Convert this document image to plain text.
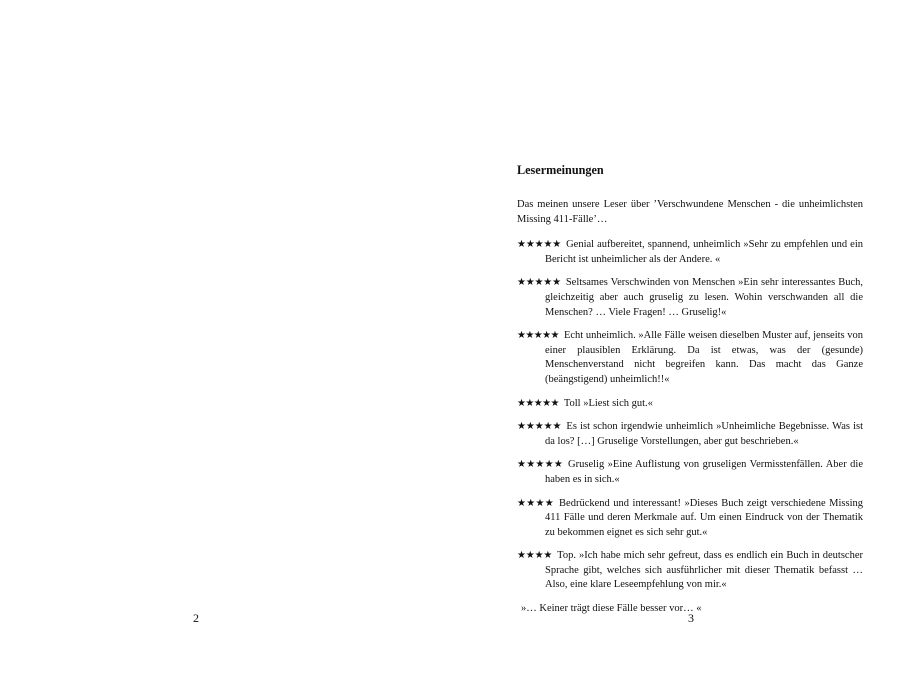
2	3
Lesermeinungen

Das meinen unsere Leser über ’Verschwundene Menschen - die unheimlichsten Missing 411-Fälle’…

★★★★★ Genial aufbereitet, spannend, unheimlich »Sehr zu empfehlen und ein Bericht ist unheimlicher als der Andere. «

★★★★★ Seltsames Verschwinden von Menschen »Ein sehr interessantes Buch, gleichzeitig aber auch gruselig zu lesen. Wohin verschwanden all die Menschen? … Viele Fragen! … Gruselig!«

★★★★★ Echt unheimlich. »Alle Fälle weisen dieselben Muster auf, jenseits von einer plausiblen Erklärung. Da ist etwas, was der (gesunde) Menschenverstand nicht begreifen kann. Das macht das Ganze (beängstigend) unheimlich!!«

★★★★★ Toll »Liest sich gut.«

★★★★★ Es ist schon irgendwie unheimlich »Unheimliche Begebnisse. Was ist da los? […] Gruselige Vorstellungen, aber gut beschrieben.«

★★★★★ Gruselig »Eine Auflistung von gruseligen Vermisstenfällen. Aber die haben es in sich.«

★★★★ Bedrückend und interessant! »Dieses Buch zeigt verschiedene Missing 411 Fälle und deren Merkmale auf. Um einen Eindruck von der Thematik zu bekommen eignet es sich sehr gut.«

★★★★ Top. »Ich habe mich sehr gefreut, dass es endlich ein Buch in deutscher Sprache gibt, welches sich ausführlicher mit dieser Thematik befasst … Also, eine klare Leseempfehlung von mir.«

»… Keiner trägt diese Fälle besser vor… «
